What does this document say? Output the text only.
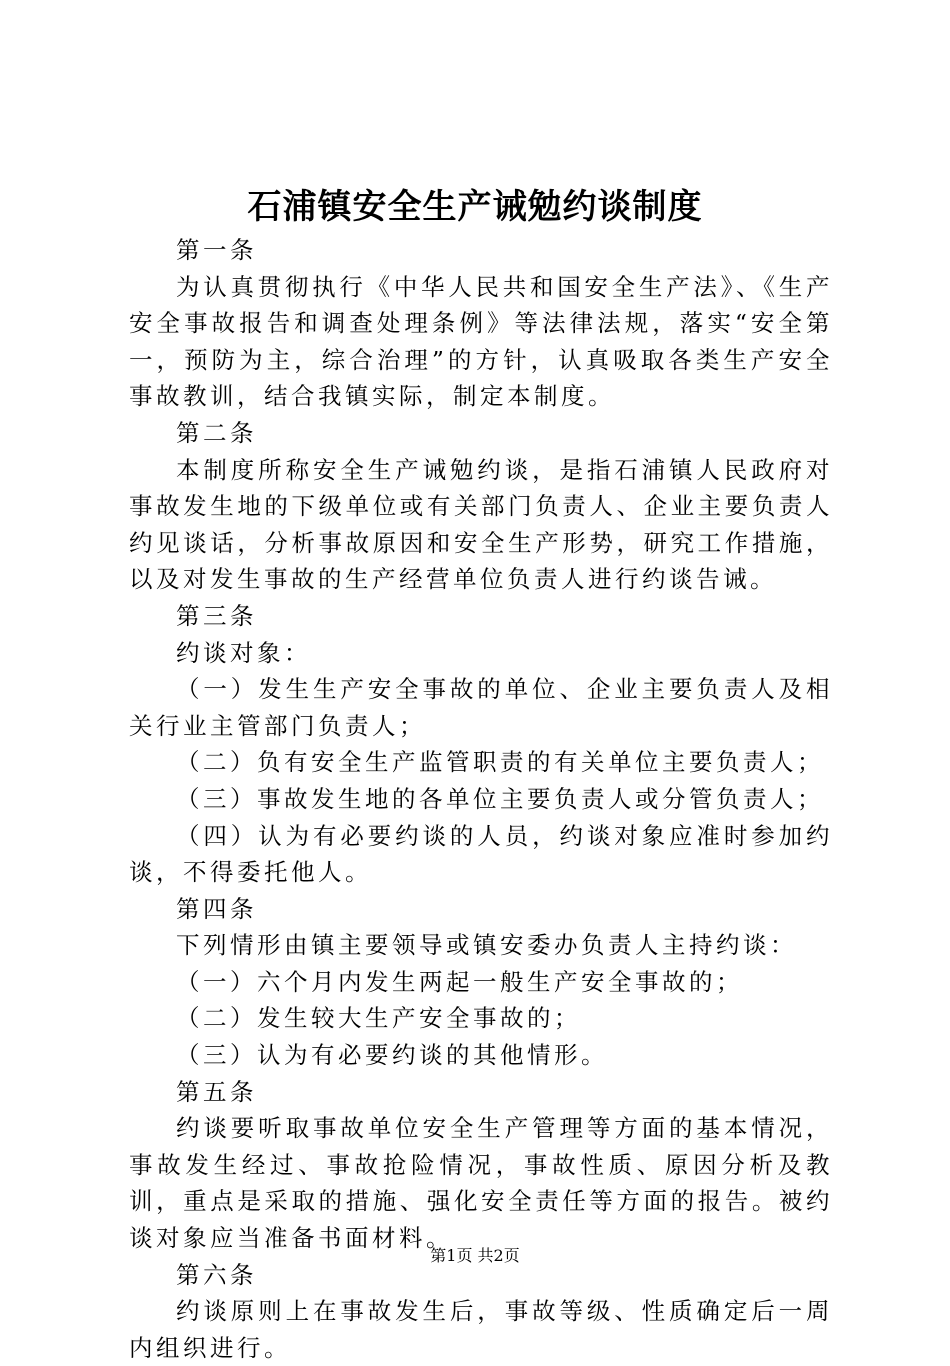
石浦镇安全生产诫勉约谈制度

第一条

为认真贯彻执行《中华人民共和国安全生产法》、《生产安全事故报告和调查处理条例》等法律法规，落实“安全第一，预防为主，综合治理”的方针，认真吸取各类生产安全事故教训，结合我镇实际，制定本制度。

第二条

本制度所称安全生产诫勉约谈，是指石浦镇人民政府对事故发生地的下级单位或有关部门负责人、企业主要负责人约见谈话，分析事故原因和安全生产形势，研究工作措施，以及对发生事故的生产经营单位负责人进行约谈告诫。

第三条

约谈对象：

（一）发生生产安全事故的单位、企业主要负责人及相关行业主管部门负责人；

（二）负有安全生产监管职责的有关单位主要负责人；

（三）事故发生地的各单位主要负责人或分管负责人；

（四）认为有必要约谈的人员，约谈对象应准时参加约谈，不得委托他人。

第四条

下列情形由镇主要领导或镇安委办负责人主持约谈：

（一）六个月内发生两起一般生产安全事故的；

（二）发生较大生产安全事故的；

（三）认为有必要约谈的其他情形。

第五条

约谈要听取事故单位安全生产管理等方面的基本情况，事故发生经过、事故抢险情况，事故性质、原因分析及教训，重点是采取的措施、强化安全责任等方面的报告。被约谈对象应当准备书面材料。

第六条

约谈原则上在事故发生后，事故等级、性质确定后一周内组织进行。

第1页 共2页
